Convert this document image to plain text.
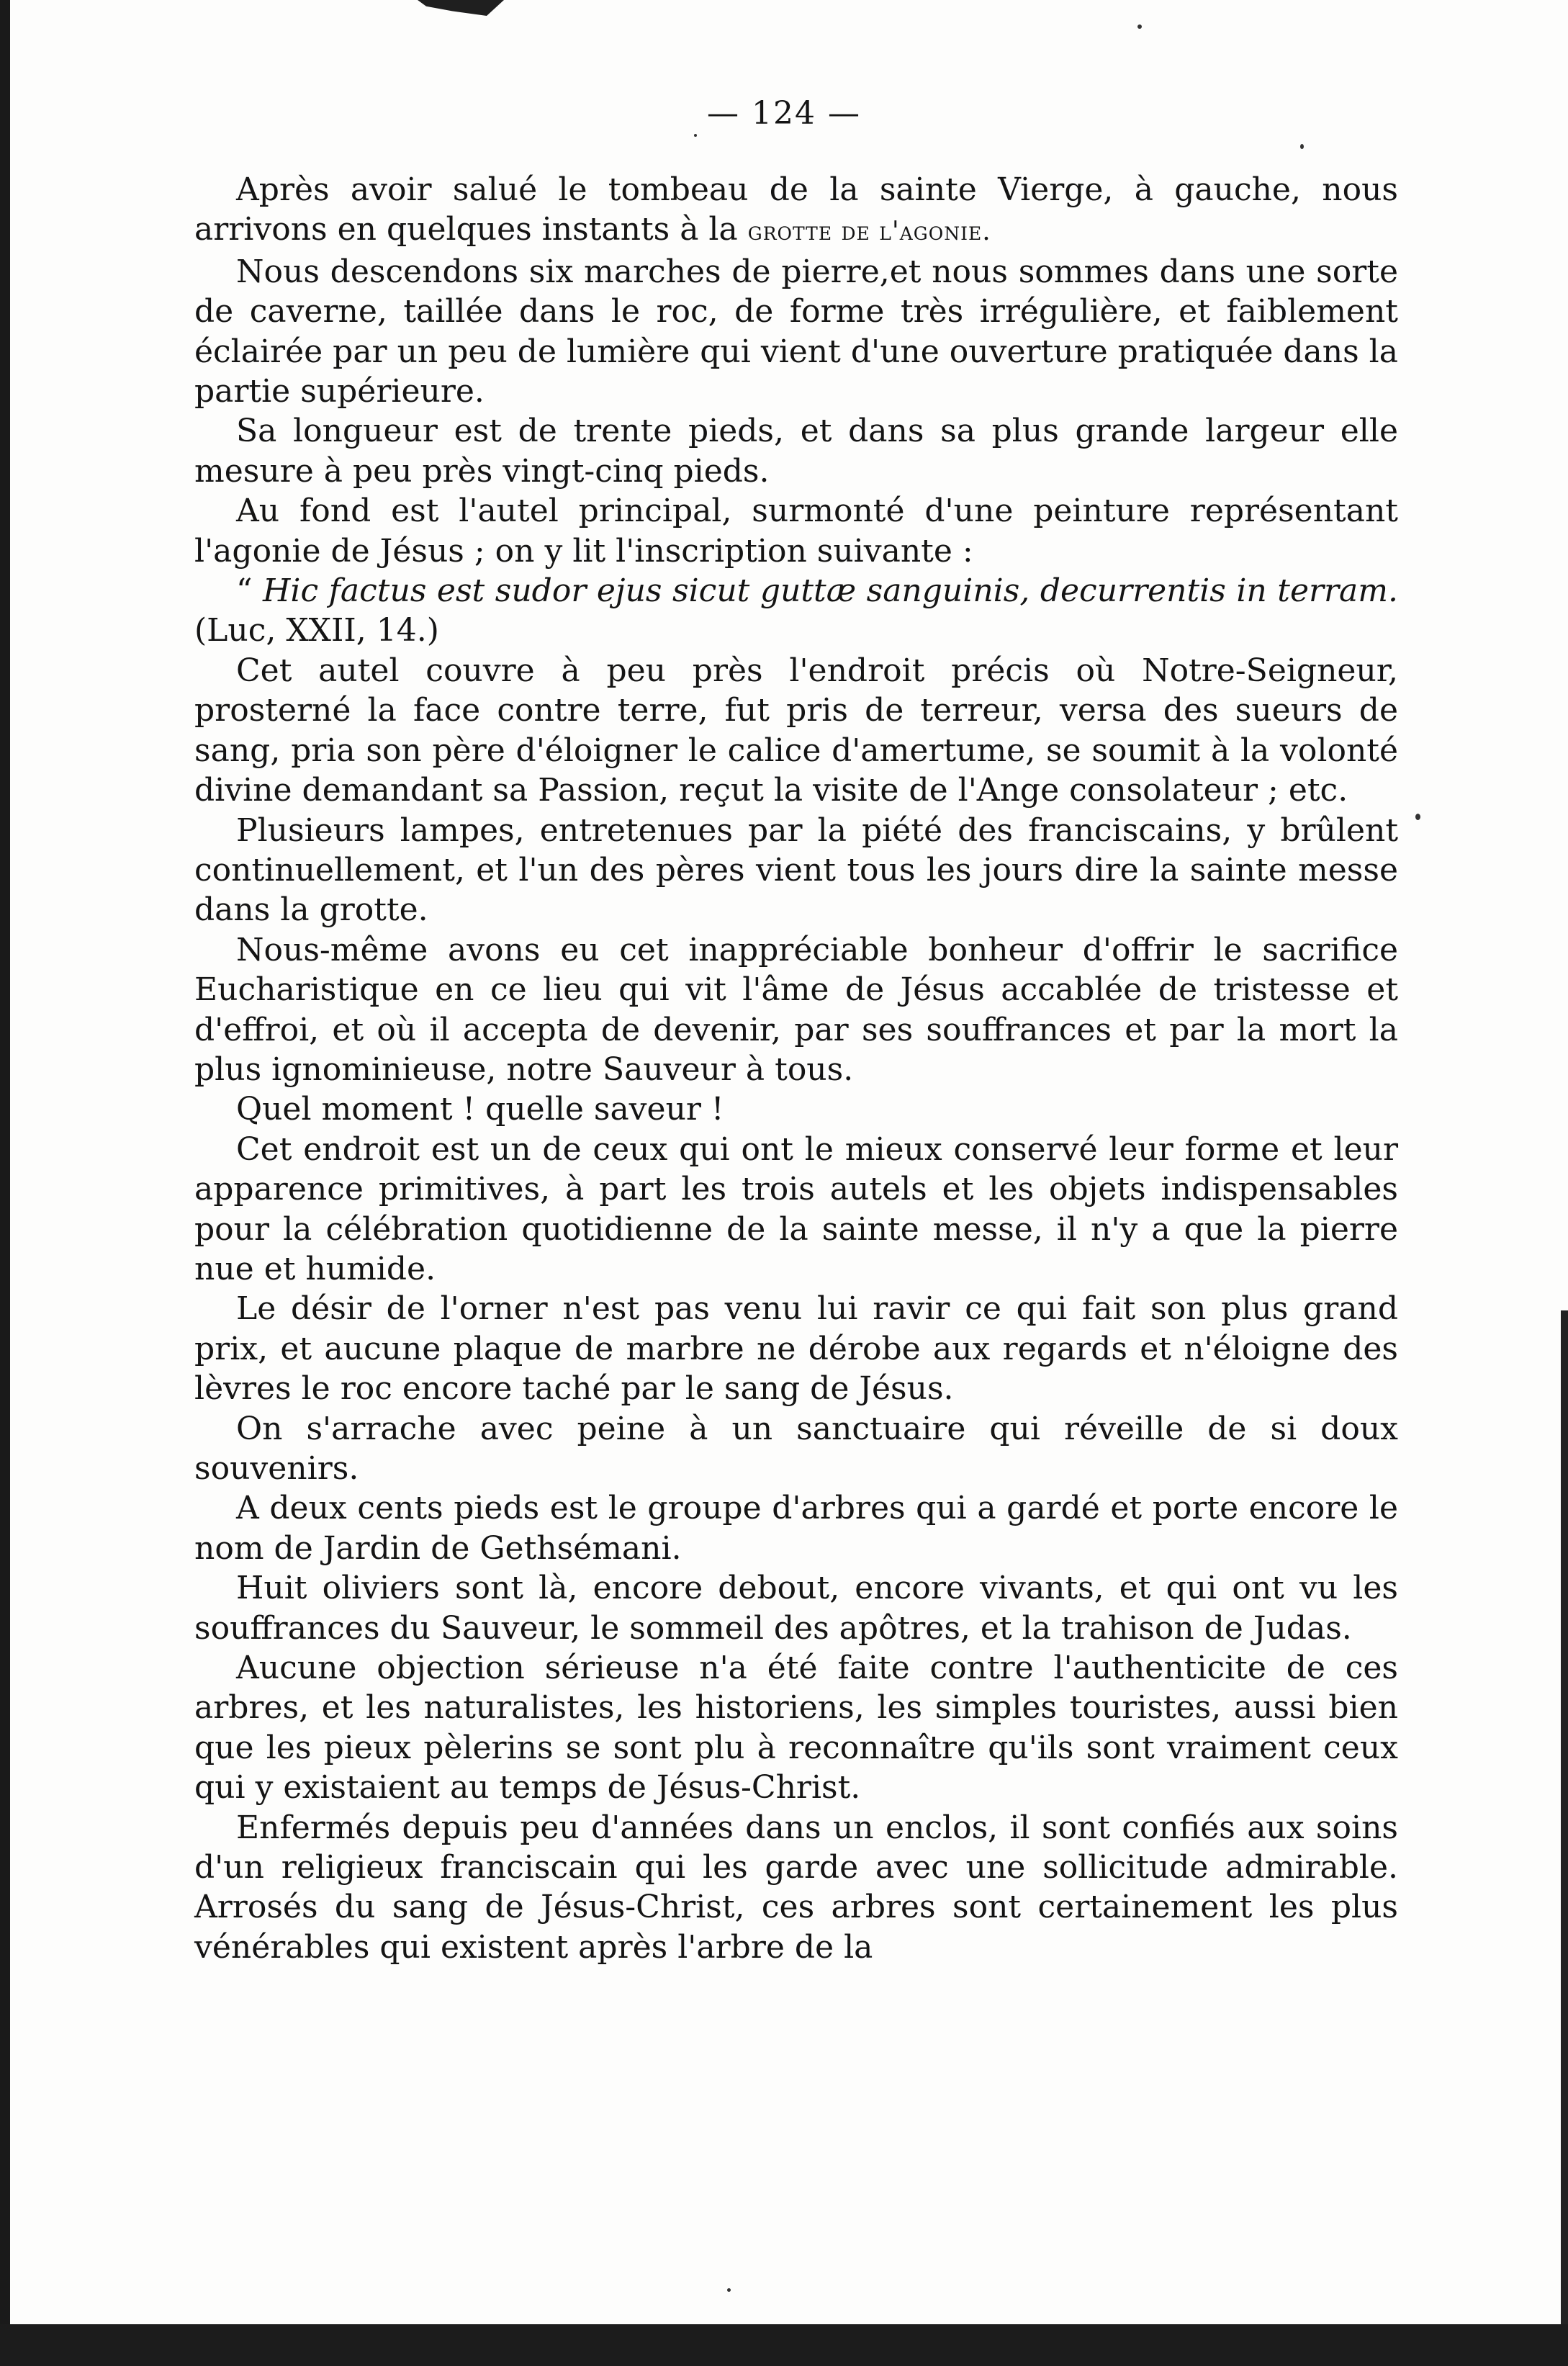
— 124 —

Après avoir salué le tombeau de la sainte Vierge, à gauche, nous arrivons en quelques instants à la grotte de l'agonie.

Nous descendons six marches de pierre,et nous sommes dans une sorte de caverne, taillée dans le roc, de forme très irrégulière, et faiblement éclairée par un peu de lumière qui vient d'une ouverture pratiquée dans la partie supérieure.

Sa longueur est de trente pieds, et dans sa plus grande largeur elle mesure à peu près vingt-cinq pieds.

Au fond est l'autel principal, surmonté d'une peinture représentant l'agonie de Jésus ; on y lit l'inscription suivante :

“ Hic factus est sudor ejus sicut guttæ sanguinis, decurrentis in terram. (Luc, XXII, 14.)

Cet autel couvre à peu près l'endroit précis où Notre-Seigneur, prosterné la face contre terre, fut pris de terreur, versa des sueurs de sang, pria son père d'éloigner le calice d'amertume, se soumit à la volonté divine demandant sa Passion, reçut la visite de l'Ange consolateur ; etc.

Plusieurs lampes, entretenues par la piété des franciscains, y brûlent continuellement, et l'un des pères vient tous les jours dire la sainte messe dans la grotte.

Nous-même avons eu cet inappréciable bonheur d'offrir le sacrifice Eucharistique en ce lieu qui vit l'âme de Jésus accablée de tristesse et d'effroi, et où il accepta de devenir, par ses souffrances et par la mort la plus ignominieuse, notre Sauveur à tous.

Quel moment ! quelle saveur !

Cet endroit est un de ceux qui ont le mieux conservé leur forme et leur apparence primitives, à part les trois autels et les objets indispensables pour la célébration quotidienne de la sainte messe, il n'y a que la pierre nue et humide.

Le désir de l'orner n'est pas venu lui ravir ce qui fait son plus grand prix, et aucune plaque de marbre ne dérobe aux regards et n'éloigne des lèvres le roc encore taché par le sang de Jésus.

On s'arrache avec peine à un sanctuaire qui réveille de si doux souvenirs.

A deux cents pieds est le groupe d'arbres qui a gardé et porte encore le nom de Jardin de Gethsémani.

Huit oliviers sont là, encore debout, encore vivants, et qui ont vu les souffrances du Sauveur, le sommeil des apôtres, et la trahison de Judas.

Aucune objection sérieuse n'a été faite contre l'authenticite de ces arbres, et les naturalistes, les historiens, les simples touristes, aussi bien que les pieux pèlerins se sont plu à reconnaître qu'ils sont vraiment ceux qui y existaient au temps de Jésus-Christ.

Enfermés depuis peu d'années dans un enclos, il sont confiés aux soins d'un religieux franciscain qui les garde avec une sollicitude admirable. Arrosés du sang de Jésus-Christ, ces arbres sont certainement les plus vénérables qui existent après l'arbre de la
